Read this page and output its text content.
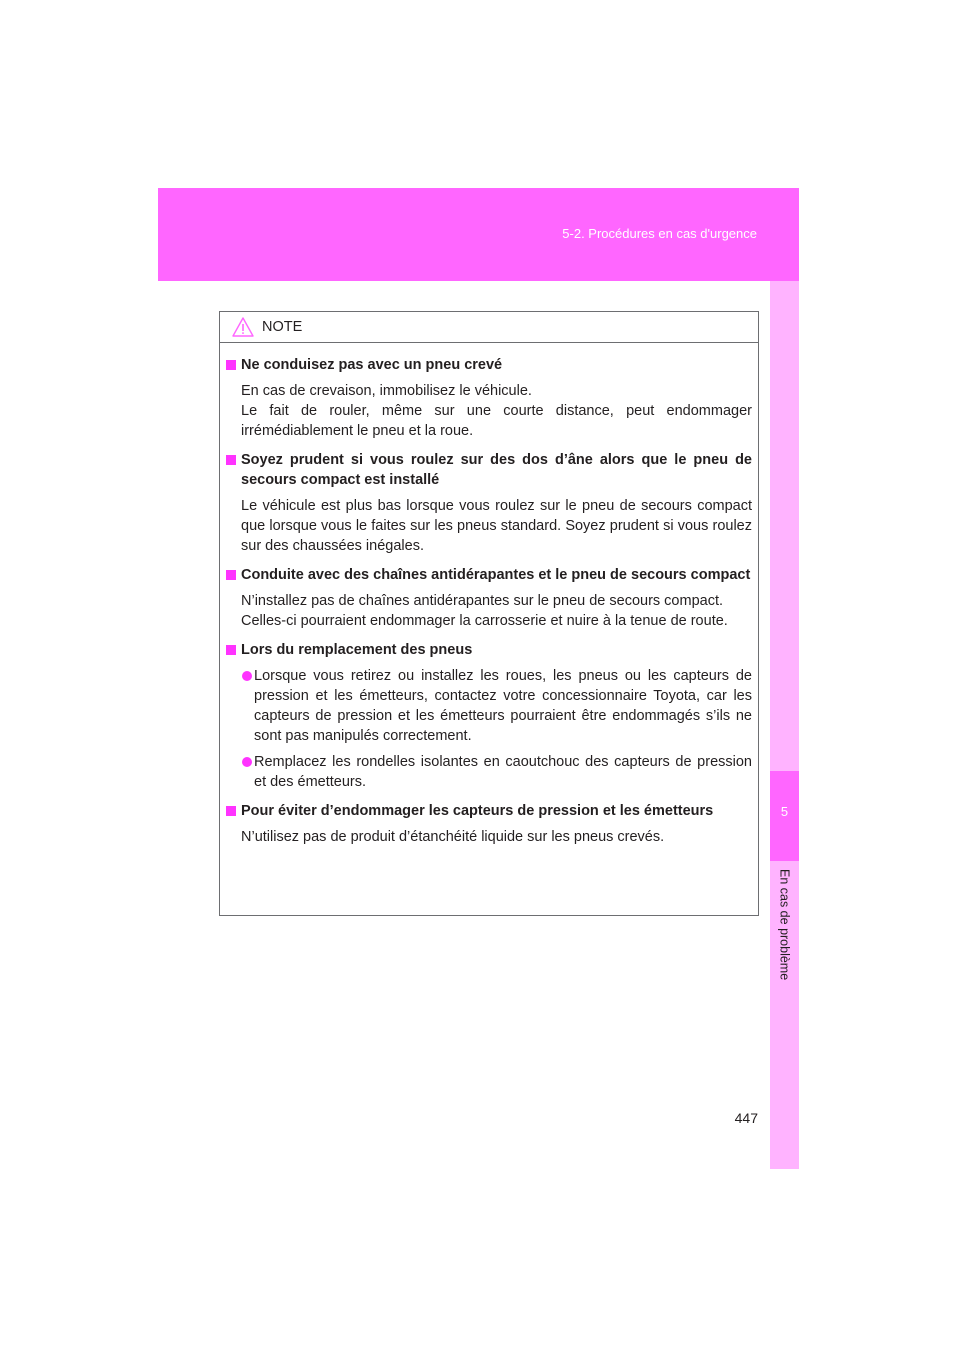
5-2. Procédures en cas d'urgence
5
En cas de problème
NOTE
Ne conduisez pas avec un pneu crevé

En cas de crevaison, immobilisez le véhicule.

Le fait de rouler, même sur une courte distance, peut endommager irrémédiablement le pneu et la roue.

Soyez prudent si vous roulez sur des dos d’âne alors que le pneu de secours compact est installé

Le véhicule est plus bas lorsque vous roulez sur le pneu de secours compact que lorsque vous le faites sur les pneus standard. Soyez prudent si vous roulez sur des chaussées inégales.

Conduite avec des chaînes antidérapantes et le pneu de secours compact

N’installez pas de chaînes antidérapantes sur le pneu de secours compact.

Celles-ci pourraient endommager la carrosserie et nuire à la tenue de route.

Lors du remplacement des pneus
Lorsque vous retirez ou installez les roues, les pneus ou les capteurs de pression et les émetteurs, contactez votre concessionnaire Toyota, car les capteurs de pression et les émetteurs pourraient être endommagés s’ils ne sont pas manipulés correctement.
Remplacez les rondelles isolantes en caoutchouc des capteurs de pression et des émetteurs.
Pour éviter d’endommager les capteurs de pression et les émetteurs

N’utilisez pas de produit d’étanchéité liquide sur les pneus crevés.

447
